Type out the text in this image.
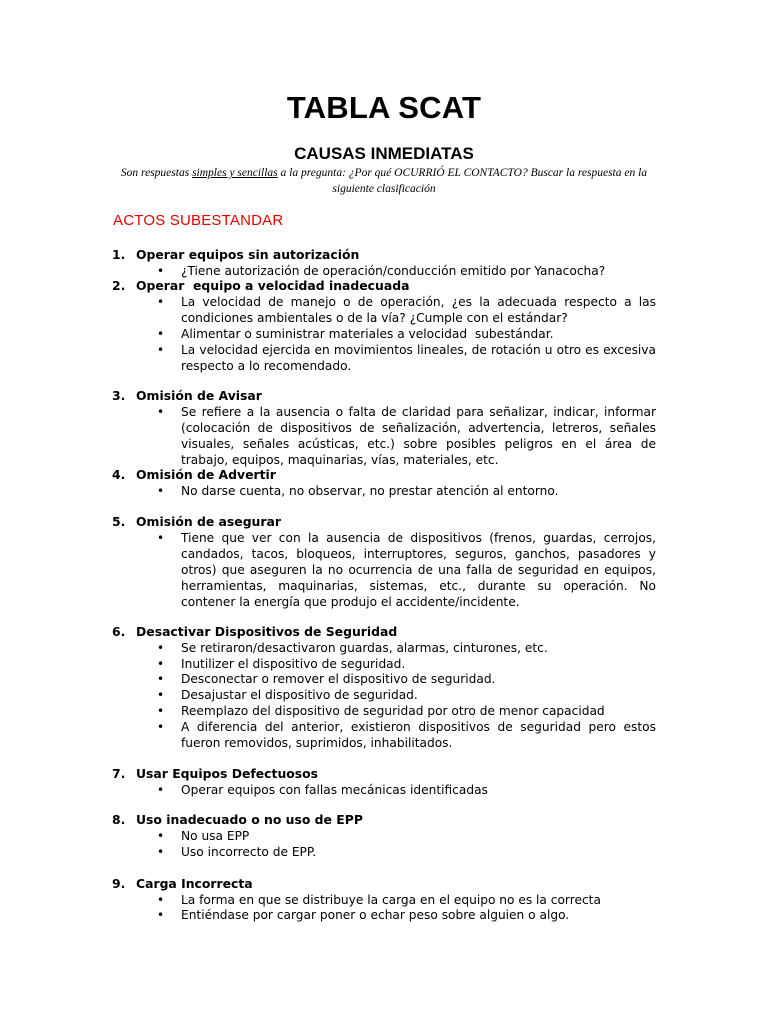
TABLA SCAT
CAUSAS INMEDIATAS
Son respuestas simples y sencillas a la pregunta: ¿Por qué OCURRIÓ EL CONTACTO? Buscar la respuesta en la siguiente clasificación
ACTOS SUBESTANDAR
1. Operar equipos sin autorización
•	¿Tiene autorización de operación/conducción emitido por Yanacocha?
2. Operar  equipo a velocidad inadecuada
•	La velocidad de manejo o de operación, ¿es la adecuada respecto a las condiciones ambientales o de la vía? ¿Cumple con el estándar?
•	Alimentar o suministrar materiales a velocidad  subestándar.
•	La velocidad ejercida en movimientos lineales, de rotación u otro es excesiva respecto a lo recomendado.
3. Omisión de Avisar
•	Se refiere a la ausencia o falta de claridad para señalizar, indicar, informar (colocación de dispositivos de señalización, advertencia, letreros, señales visuales, señales acústicas, etc.) sobre posibles peligros en el área de trabajo, equipos, maquinarias, vías, materiales, etc.
4. Omisión de Advertir
•	No darse cuenta, no observar, no prestar atención al entorno.
5. Omisión de asegurar
•	Tiene que ver con la ausencia de dispositivos (frenos, guardas, cerrojos, candados, tacos, bloqueos, interruptores, seguros, ganchos, pasadores y otros) que aseguren la no ocurrencia de una falla de seguridad en equipos, herramientas, maquinarias, sistemas, etc., durante su operación. No contener la energía que produjo el accidente/incidente.
6. Desactivar Dispositivos de Seguridad
•	Se retiraron/desactivaron guardas, alarmas, cinturones, etc.
•	Inutilizer el dispositivo de seguridad.
•	Desconectar o remover el dispositivo de seguridad.
•	Desajustar el dispositivo de seguridad.
•	Reemplazo del dispositivo de seguridad por otro de menor capacidad
•	A diferencia del anterior, existieron dispositivos de seguridad pero estos fueron removidos, suprimidos, inhabilitados.
7. Usar Equipos Defectuosos
•	Operar equipos con fallas mecánicas identificadas
8. Uso inadecuado o no uso de EPP
•	No usa EPP
•	Uso incorrecto de EPP.
9. Carga Incorrecta
•	La forma en que se distribuye la carga en el equipo no es la correcta
•	Entiéndase por cargar poner o echar peso sobre alguien o algo.
